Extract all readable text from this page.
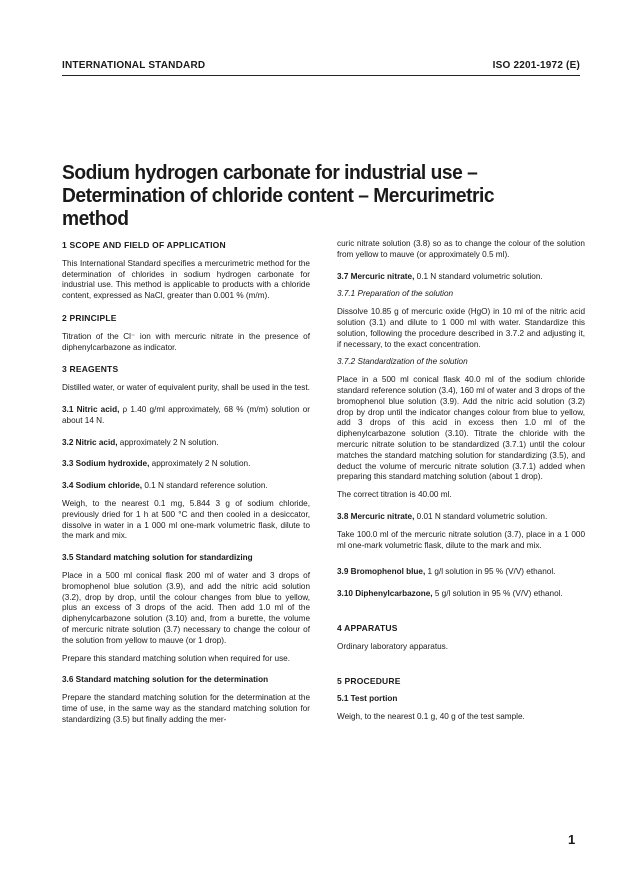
INTERNATIONAL STANDARD	ISO 2201-1972 (E)
Sodium hydrogen carbonate for industrial use –
Determination of chloride content – Mercurimetric method
1 SCOPE AND FIELD OF APPLICATION

This International Standard specifies a mercurimetric method for the determination of chlorides in sodium hydrogen carbonate for industrial use. This method is applicable to products with a chloride content, expressed as NaCl, greater than 0.001 % (m/m).

2 PRINCIPLE

Titration of the Cl⁻ ion with mercuric nitrate in the presence of diphenylcarbazone as indicator.

3 REAGENTS

Distilled water, or water of equivalent purity, shall be used in the test.

3.1 Nitric acid, ρ 1.40 g/ml approximately, 68 % (m/m) solution or about 14 N.

3.2 Nitric acid, approximately 2 N solution.

3.3 Sodium hydroxide, approximately 2 N solution.

3.4 Sodium chloride, 0.1 N standard reference solution.

Weigh, to the nearest 0.1 mg, 5.844 3 g of sodium chloride, previously dried for 1 h at 500 °C and then cooled in a desiccator, dissolve in water in a 1 000 ml one-mark volumetric flask, dilute to the mark and mix.

3.5 Standard matching solution for standardizing

Place in a 500 ml conical flask 200 ml of water and 3 drops of bromophenol blue solution (3.9), and add the nitric acid solution (3.2), drop by drop, until the colour changes from blue to yellow, plus an excess of 3 drops of the acid. Then add 1.0 ml of the diphenylcarbazone solution (3.10) and, from a burette, the volume of mercuric nitrate solution (3.7) necessary to change the colour of the solution from yellow to mauve (or 1 drop).

Prepare this standard matching solution when required for use.

3.6 Standard matching solution for the determination

Prepare the standard matching solution for the determination at the time of use, in the same way as the standard matching solution for standardizing (3.5) but finally adding the mer-

curic nitrate solution (3.8) so as to change the colour of the solution from yellow to mauve (or approximately 0.5 ml).

3.7 Mercuric nitrate, 0.1 N standard volumetric solution.

3.7.1 Preparation of the solution

Dissolve 10.85 g of mercuric oxide (HgO) in 10 ml of the nitric acid solution (3.1) and dilute to 1 000 ml with water. Standardize this solution, following the procedure described in 3.7.2 and adjusting it, if necessary, to the exact concentration.

3.7.2 Standardization of the solution

Place in a 500 ml conical flask 40.0 ml of the sodium chloride standard reference solution (3.4), 160 ml of water and 3 drops of the bromophenol blue solution (3.9). Add the nitric acid solution (3.2) drop by drop until the indicator changes colour from blue to yellow, add 3 drops of this acid in excess then 1.0 ml of the diphenylcarbazone solution (3.10). Titrate the chloride with the mercuric nitrate solution to be standardized (3.7.1) until the colour matches the standard matching solution for standardizing (3.5), and deduct the volume of mercuric nitrate solution (3.7.1) added when preparing this standard matching solution (about 1 drop).

The correct titration is 40.00 ml.

3.8 Mercuric nitrate, 0.01 N standard volumetric solution.

Take 100.0 ml of the mercuric nitrate solution (3.7), place in a 1 000 ml one-mark volumetric flask, dilute to the mark and mix.

3.9 Bromophenol blue, 1 g/l solution in 95 % (V/V) ethanol.

3.10 Diphenylcarbazone, 5 g/l solution in 95 % (V/V) ethanol.

4 APPARATUS

Ordinary laboratory apparatus.

5 PROCEDURE

5.1 Test portion

Weigh, to the nearest 0.1 g, 40 g of the test sample.

1
